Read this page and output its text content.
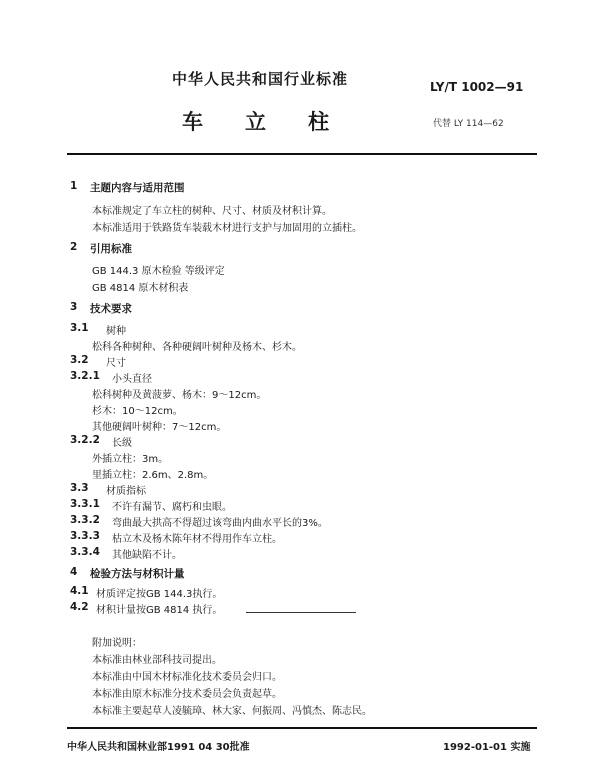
中华人民共和国行业标准	LY/T 1002—91
车立柱	代替 LY 114—62
1 主题内容与适用范围
本标准规定了车立柱的树种、尺寸、材质及材积计算。
本标准适用于铁路货车装载木材进行支护与加固用的立插柱。
2 引用标准
GB 144.3 原木检验 等级评定
GB 4814 原木材积表
3 技术要求
3.1 树种
松科各种树种、各种硬阔叶树种及杨木、杉木。
3.2 尺寸
3.2.1 小头直径
松科树种及黄菠萝、杨木：9～12cm。
杉木：10～12cm。
其他硬阔叶树种：7～12cm。
3.2.2 长级
外插立柱：3m。
里插立柱：2.6m、2.8m。
3.3 材质指标
3.3.1 不许有漏节、腐朽和虫眼。
3.3.2 弯曲最大拱高不得超过该弯曲内曲水平长的3%。
3.3.3 枯立木及杨木陈年材不得用作车立柱。
3.3.4 其他缺陷不计。
4 检验方法与材积计量
4.1 材质评定按GB 144.3执行。
4.2 材积计量按GB 4814 执行。
附加说明：
本标准由林业部科技司提出。
本标准由中国木材标准化技术委员会归口。
本标准由原木标准分技术委员会负责起草。
本标准主要起草人凌毓璋、林大家、何振周、冯慎杰、陈志民。
中华人民共和国林业部1991 04 30批准	1992-01-01 实施
